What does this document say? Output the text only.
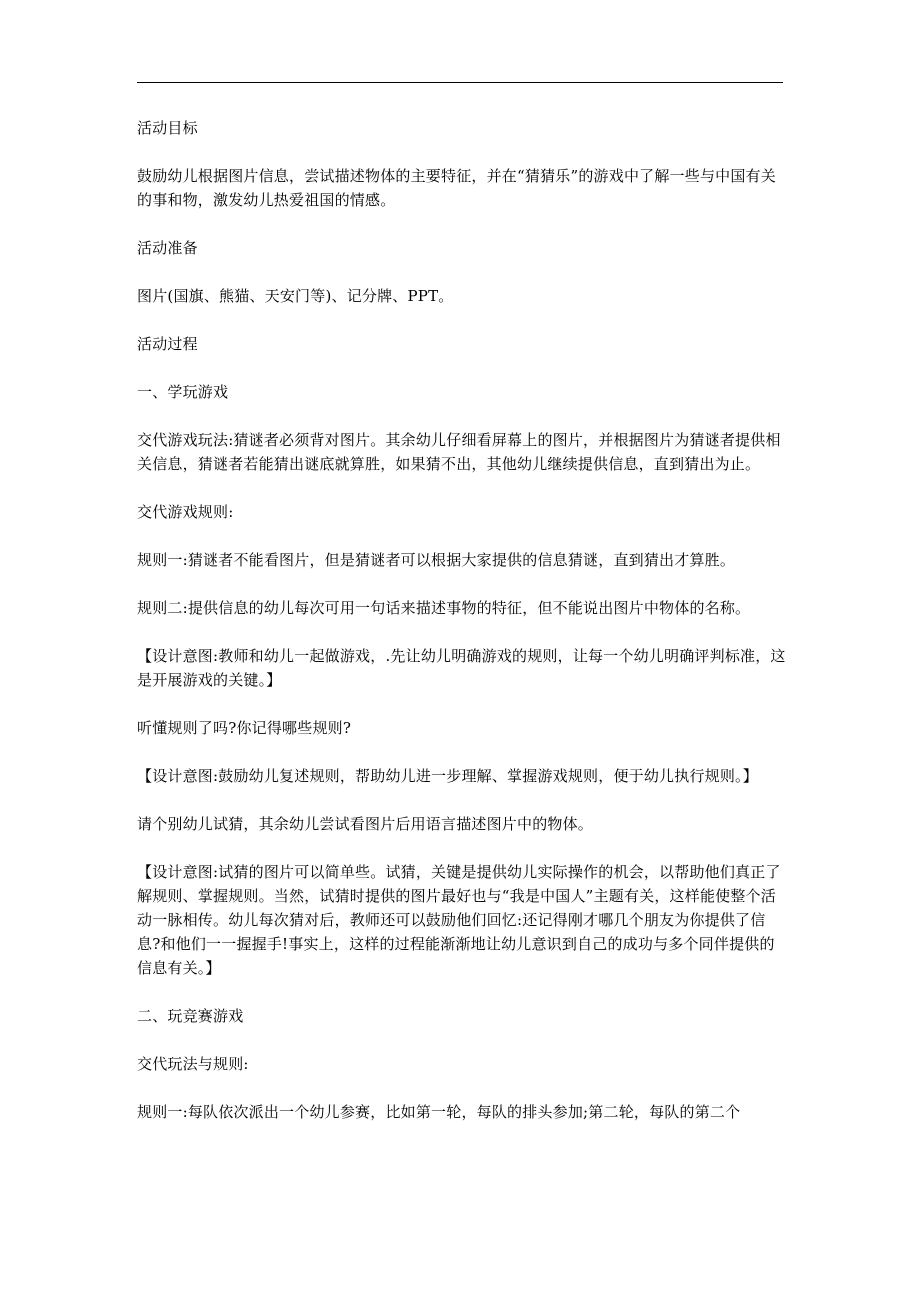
活动目标

鼓励幼儿根据图片信息，尝试描述物体的主要特征，并在“猜猜乐”的游戏中了解一些与中国有关的事和物，激发幼儿热爱祖国的情感。

活动准备

图片(国旗、熊猫、天安门等)、记分牌、PPT。

活动过程

一、学玩游戏

交代游戏玩法:猜谜者必须背对图片。其余幼儿仔细看屏幕上的图片，并根据图片为猜谜者提供相关信息，猜谜者若能猜出谜底就算胜，如果猜不出，其他幼儿继续提供信息，直到猜出为止。

交代游戏规则:

规则一:猜谜者不能看图片，但是猜谜者可以根据大家提供的信息猜谜，直到猜出才算胜。

规则二:提供信息的幼儿每次可用一句话来描述事物的特征，但不能说出图片中物体的名称。

【设计意图:教师和幼儿一起做游戏，.先让幼儿明确游戏的规则，让每一个幼儿明确评判标准，这是开展游戏的关键。】

听懂规则了吗?你记得哪些规则?

【设计意图:鼓励幼儿复述规则，帮助幼儿进一步理解、掌握游戏规则，便于幼儿执行规则。】

请个别幼儿试猜，其余幼儿尝试看图片后用语言描述图片中的物体。

【设计意图:试猜的图片可以简单些。试猜，关键是提供幼儿实际操作的机会，以帮助他们真正了解规则、掌握规则。当然，试猜时提供的图片最好也与“我是中国人”主题有关，这样能使整个活动一脉相传。幼儿每次猜对后，教师还可以鼓励他们回忆:还记得刚才哪几个朋友为你提供了信息?和他们一一握握手!事实上，这样的过程能渐渐地让幼儿意识到自己的成功与多个同伴提供的信息有关。】

二、玩竞赛游戏

交代玩法与规则:

规则一:每队依次派出一个幼儿参赛，比如第一轮，每队的排头参加;第二轮，每队的第二个
